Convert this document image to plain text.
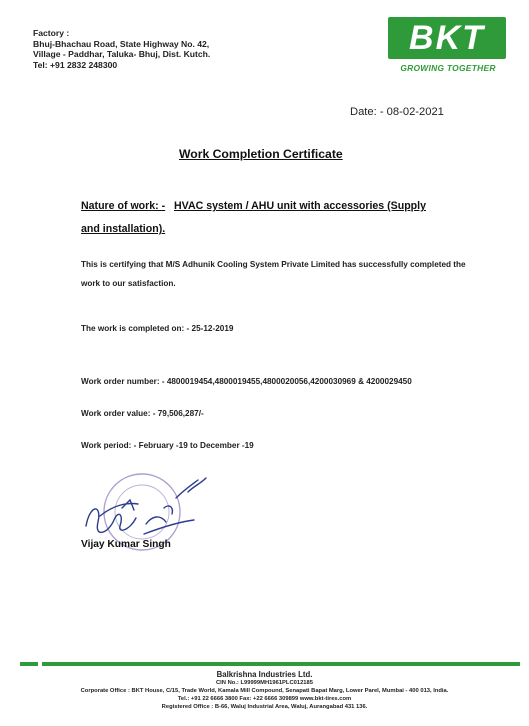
Factory :
Bhuj-Bhachau Road, State Highway No. 42,
Village - Paddhar, Taluka- Bhuj, Dist. Kutch.
Tel: +91 2832 248300
BKT
GROWING TOGETHER
Date: - 08-02-2021
Work Completion Certificate
Nature of work: - HVAC system / AHU unit with accessories (Supply
and installation).
This is certifying that M/S Adhunik Cooling System Private Limited has successfully completed the work to our satisfaction.
The work is completed on: - 25-12-2019
Work order number: - 4800019454,4800019455,4800020056,4200030969 & 4200029450
Work order value: - 79,506,287/-
Work period: - February -19 to December -19
Vijay Kumar Singh
Balkrishna Industries Ltd.
CIN No.: L99999MH1961PLC012185
Corporate Office : BKT House, C/15, Trade World, Kamala Mill Compound, Senapati Bapat Marg, Lower Parel, Mumbai - 400 013, India.
Tel.: +91 22 6666 3800 Fax: +22 6666 309899 www.bkt-tires.com
Registered Office : B-66, Waluj Industrial Area, Waluj, Aurangabad 431 136.
